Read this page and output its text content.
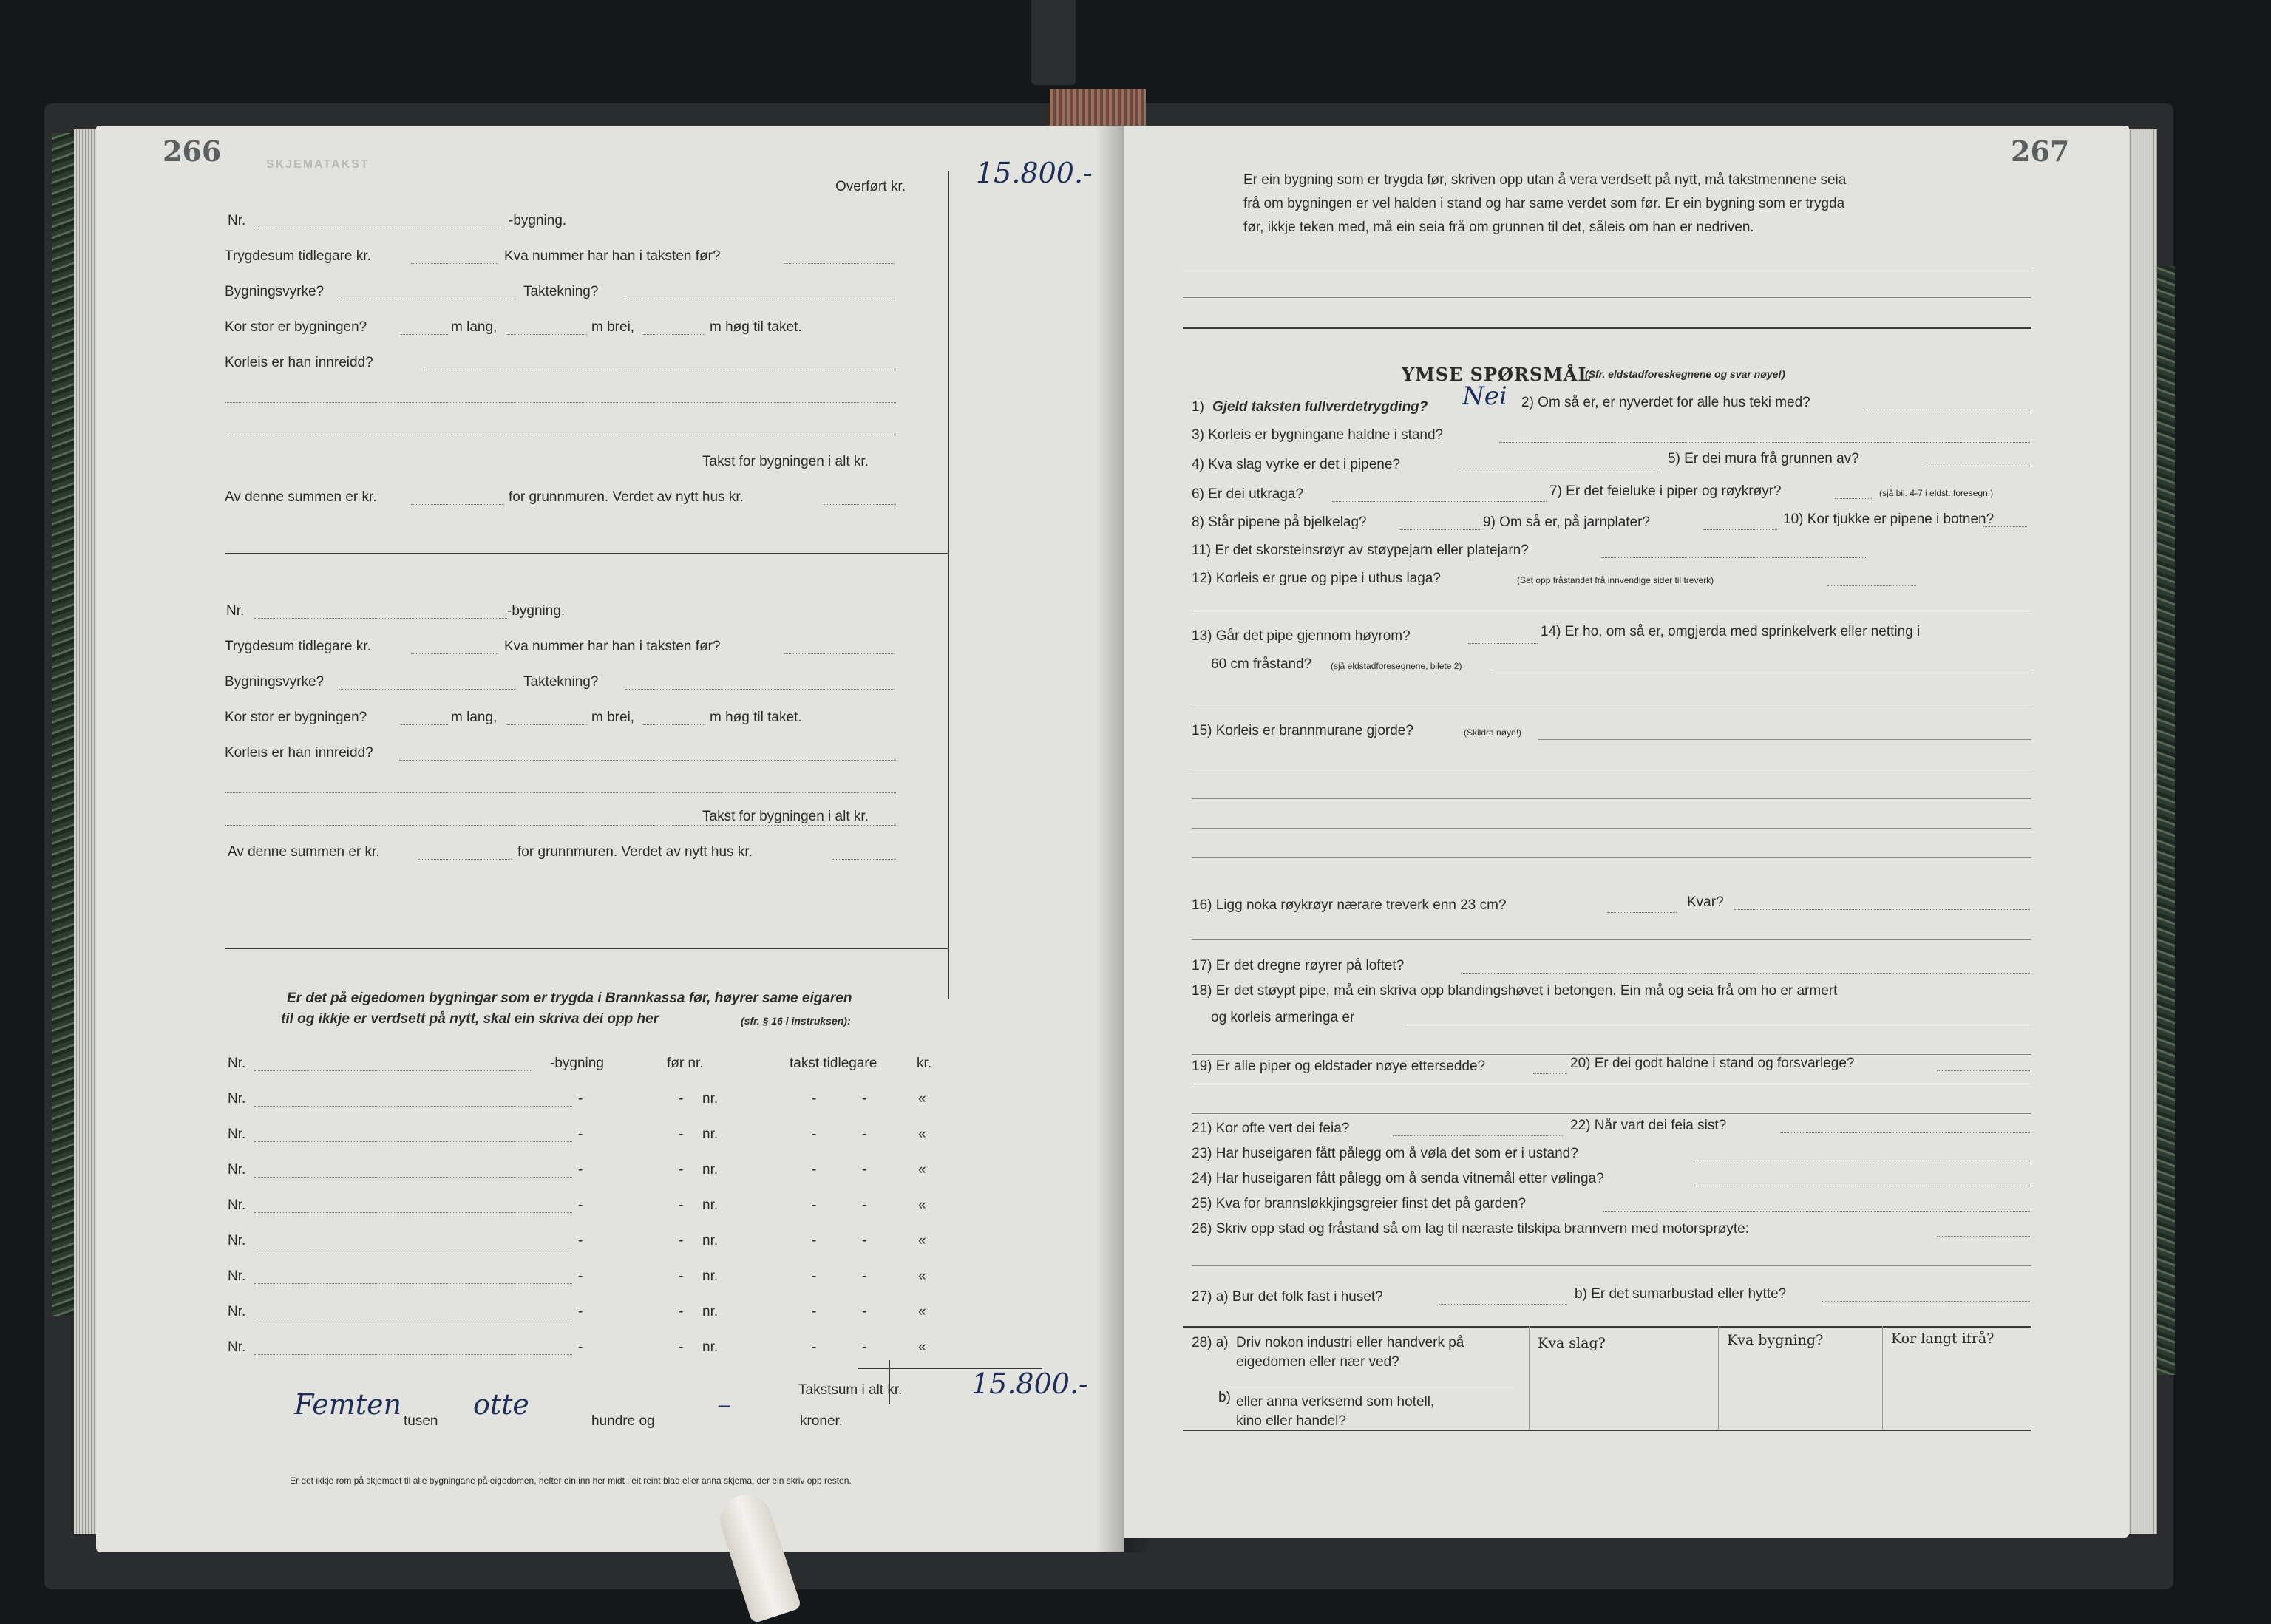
266	SKJEMATAKST
Overført kr.	15.800.-
Nr.	-bygning.
Trygdesum tidlegare kr.	Kva nummer har han i taksten før?
Bygningsvyrke?	Taktekning?
Kor stor er bygningen?	m lang,	m brei,	m høg til taket.
Korleis er han innreidd?
Takst for bygningen i alt kr.
Av denne summen er kr.	for grunnmuren. Verdet av nytt hus kr.
Nr.	-bygning.
Trygdesum tidlegare kr.	Kva nummer har han i taksten før?
Bygningsvyrke?	Taktekning?
Kor stor er bygningen?	m lang,	m brei,	m høg til taket.
Korleis er han innreidd?
Takst for bygningen i alt kr.
Av denne summen er kr.	for grunnmuren. Verdet av nytt hus kr.
Er det på eigedomen bygningar som er trygda i Brannkassa før, høyrer same eigaren
til og ikkje er verdsett på nytt, skal ein skriva dei opp her	(sfr. § 16 i instruksen):
Nr.	-bygning	før nr.	takst tidlegare	kr.
Nr.	-	- nr.	-	-	«
Nr.	-	- nr.	-	-	«
Nr.	-	- nr.	-	-	«
Nr.	-	- nr.	-	-	«
Nr.	-	- nr.	-	-	«
Nr.	-	- nr.	-	-	«
Nr.	-	- nr.	-	-	«
Nr.	-	- nr.	-	-	«
Takstsum i alt kr. 15.800.-
Femten
tusen
otte
hundre og
–
kroner.
Er det ikkje rom på skjemaet til alle bygningane på eigedomen, hefter ein inn her midt i eit reint blad eller anna skjema, der ein skriv opp resten.
267
Er ein bygning som er trygda før, skriven opp utan å vera verdsett på nytt, må takstmennene seia
frå om bygningen er vel halden i stand og har same verdet som før. Er ein bygning som er trygda
før, ikkje teken med, må ein seia frå om grunnen til det, såleis om han er nedriven.
YMSE SPØRSMÅL
(Sfr. eldstadforeskegnene og svar nøye!)
1) Gjeld taksten fullverdetrygding? Nei 2) Om så er, er nyverdet for alle hus teki med?
3) Korleis er bygningane haldne i stand?
4) Kva slag vyrke er det i pipene?	5) Er dei mura frå grunnen av?
6) Er dei utkraga?	7) Er det feieluke i piper og røykrøyr?	(sjå bil. 4-7 i eldst. foresegn.)
8) Står pipene på bjelkelag?	9) Om så er, på jarnplater?	10) Kor tjukke er pipene i botnen?
11) Er det skorsteinsrøyr av støypejarn eller platejarn?
12) Korleis er grue og pipe i uthus laga?	(Set opp fråstandet frå innvendige sider til treverk)
13) Går det pipe gjennom høyrom?	14) Er ho, om så er, omgjerda med sprinkelverk eller netting i
60 cm fråstand? (sjå eldstadforesegnene, bilete 2)
15) Korleis er brannmurane gjorde?	(Skildra nøye!)
16) Ligg noka røykrøyr nærare treverk enn 23 cm?	Kvar?
17) Er det dregne røyrer på loftet?
18) Er det støypt pipe, må ein skriva opp blandingshøvet i betongen. Ein må og seia frå om ho er armert
og korleis armeringa er
19) Er alle piper og eldstader nøye ettersedde?	20) Er dei godt haldne i stand og forsvarlege?
21) Kor ofte vert dei feia?	22) Når vart dei feia sist?
23) Har huseigaren fått pålegg om å vøla det som er i ustand?
24) Har huseigaren fått pålegg om å senda vitnemål etter vølinga?
25) Kva for brannsløkkjingsgreier finst det på garden?
26) Skriv opp stad og fråstand så om lag til næraste tilskipa brannvern med motorsprøyte:
27) a) Bur det folk fast i huset?	b) Er det sumarbustad eller hytte?
28) a) Driv nokon industri eller handverk på
eigedomen eller nær ved?
b) eller anna verksemd som hotell,
kino eller handel?
Kva slag?	Kva bygning?	Kor langt ifrå?
